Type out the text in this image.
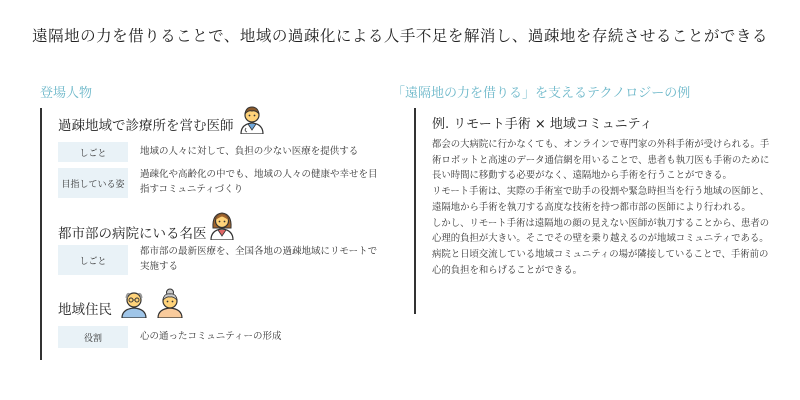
遠隔地の力を借りることで、地域の過疎化による人手不足を解消し、過疎地を存続させることができる
登場人物
過疎地域で診療所を営む医師
しごと	地域の人々に対して、負担の少ない医療を提供する
目指している姿
過疎化や高齢化の中でも、地域の人々の健康や幸せを目指すコミュニティづくり
都市部の病院にいる名医
しごと
都市部の最新医療を、全国各地の過疎地域にリモートで実施する
地域住民
役割	心の通ったコミュニティーの形成
「遠隔地の力を借りる」を支えるテクノロジーの例
例. リモート手術 × 地域コミュニティ

都会の大病院に行かなくても、オンラインで専門家の外科手術が受けられる。手術ロボットと高速のデータ通信網を用いることで、患者も執刀医も手術のために長い時間に移動する必要がなく、遠隔地から手術を行うことができる。

リモート手術は、実際の手術室で助手の役割や緊急時担当を行う地域の医師と、遠隔地から手術を執刀する高度な技術を持つ都市部の医師により行われる。

しかし、リモート手術は遠隔地の顔の見えない医師が執刀することから、患者の心理的負担が大きい。そこでその壁を乗り越えるのが地域コミュニティである。病院と日頃交流している地域コミュニティの場が隣接していることで、手術前の心的負担を和らげることができる。
